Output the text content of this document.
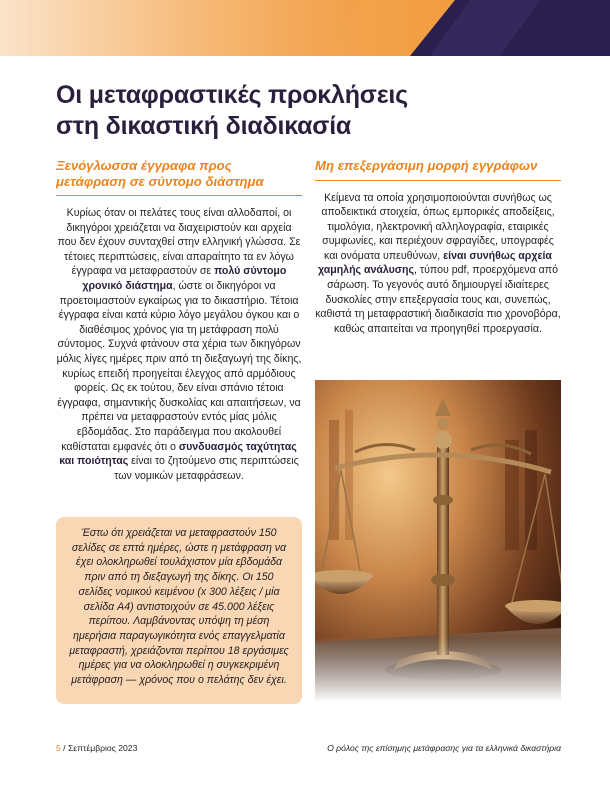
Οι μεταφραστικές προκλήσεις
στη δικαστική διαδικασία
Ξενόγλωσσα έγγραφα προς μετάφραση σε σύντομο διάστημα

Κυρίως όταν οι πελάτες τους είναι αλλοδαποί, οι δικηγόροι χρειάζεται να διαχειριστούν και αρχεία που δεν έχουν συνταχθεί στην ελληνική γλώσσα. Σε τέτοιες περιπτώσεις, είναι απαραίτητο τα εν λόγω έγγραφα να μεταφραστούν σε πολύ σύντομο χρονικό διάστημα, ώστε οι δικηγόροι να προετοιμαστούν εγκαίρως για το δικαστήριο. Τέτοια έγγραφα είναι κατά κύριο λόγο μεγάλου όγκου και ο διαθέσιμος χρόνος για τη μετάφραση πολύ σύντομος. Συχνά φτάνουν στα χέρια των δικηγόρων μόλις λίγες ημέρες πριν από τη διεξαγωγή της δίκης, κυρίως επειδή προηγείται έλεγχος από αρμόδιους φορείς. Ως εκ τούτου, δεν είναι σπάνιο τέτοια έγγραφα, σημαντικής δυσκολίας και απαιτήσεων, να πρέπει να μεταφραστούν εντός μίας μόλις εβδομάδας. Στο παράδειγμα που ακολουθεί καθίσταται εμφανές ότι ο συνδυασμός ταχύτητας και ποιότητας είναι το ζητούμενο στις περιπτώσεις των νομικών μεταφράσεων.

Έστω ότι χρειάζεται να μεταφραστούν 150 σελίδες σε επτά ημέρες, ώστε η μετάφραση να έχει ολοκληρωθεί τουλάχιστον μία εβδομάδα πριν από τη διεξαγωγή της δίκης. Οι 150 σελίδες νομικού κειμένου (x 300 λέξεις / μία σελίδα A4) αντιστοιχούν σε 45.000 λέξεις περίπου. Λαμβάνοντας υπόψη τη μέση ημερήσια παραγωγικότητα ενός επαγγελματία μεταφραστή, χρειάζονται περίπου 18 εργάσιμες ημέρες για να ολοκληρωθεί η συγκεκριμένη μετάφραση — χρόνος που ο πελάτης δεν έχει.
Μη επεξεργάσιμη μορφή εγγράφων

Κείμενα τα οποία χρησιμοποιούνται συνήθως ως αποδεικτικά στοιχεία, όπως εμπορικές αποδείξεις, τιμολόγια, ηλεκτρονική αλληλογραφία, εταιρικές συμφωνίες, και περιέχουν σφραγίδες, υπογραφές και ονόματα υπευθύνων, είναι συνήθως αρχεία χαμηλής ανάλυσης, τύπου pdf, προερχόμενα από σάρωση. Το γεγονός αυτό δημιουργεί ιδιαίτερες δυσκολίες στην επεξεργασία τους και, συνεπώς, καθιστά τη μεταφραστική διαδικασία πιο χρονοβόρα, καθώς απαιτείται να προηγηθεί προεργασία.

5 / Σεπτέμβριος 2023	Ο ρόλος της επίσημης μετάφρασης για τα ελληνικά δικαστήρια
